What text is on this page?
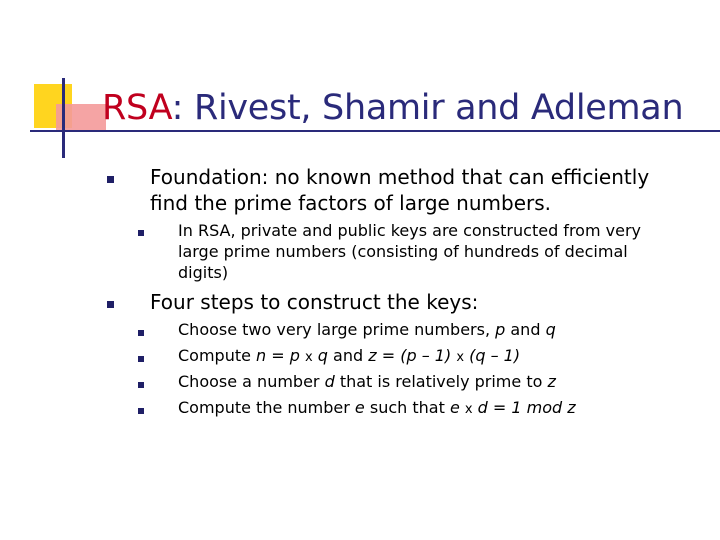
RSA: Rivest, Shamir and Adleman
Foundation: no known method that can efficiently
find the prime factors of large numbers.
In RSA, private and public keys are constructed from very
large prime numbers (consisting of hundreds of decimal
digits)
Four steps to construct the keys:
Choose two very large prime numbers, p and q
Compute n = p x q and z = (p – 1) x (q – 1)
Choose a number d that is relatively prime to z
Compute the number e such that e x d = 1 mod z
